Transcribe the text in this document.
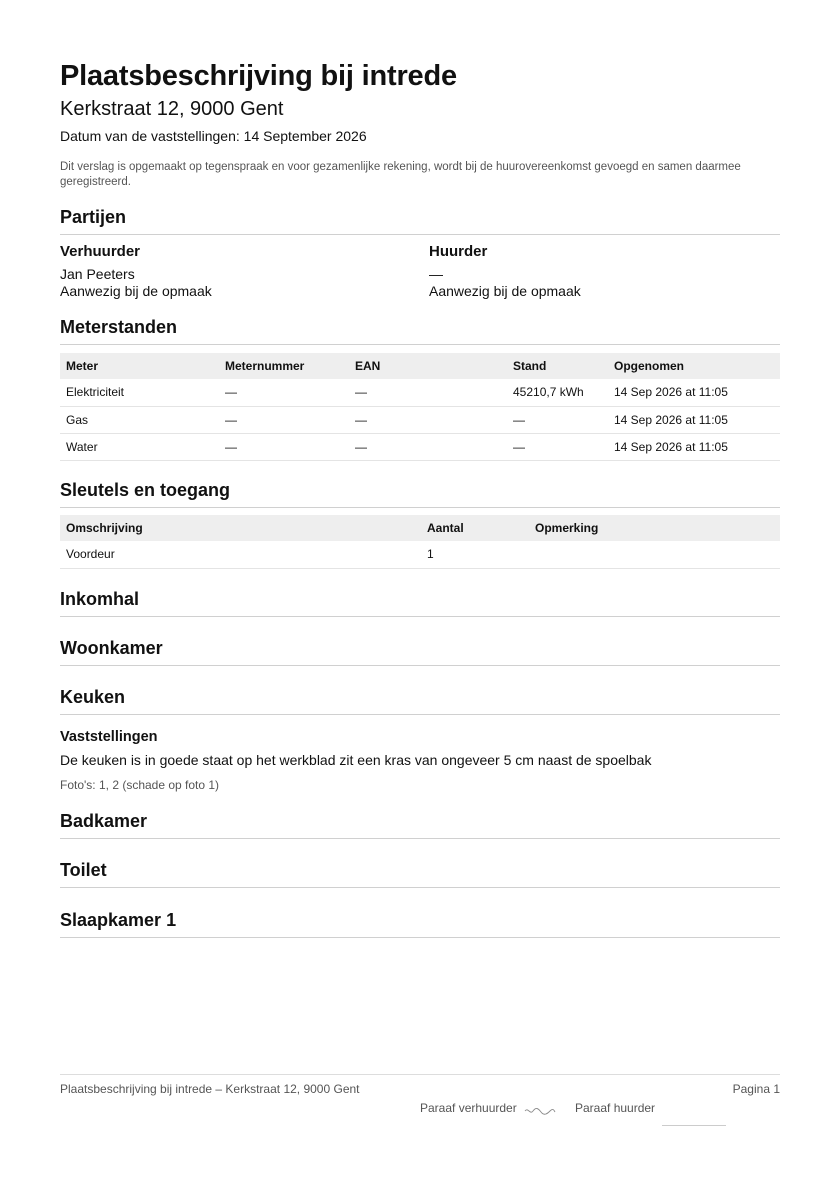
Plaatsbeschrijving bij intrede
Kerkstraat 12, 9000 Gent
Datum van de vaststellingen: 14 September 2026
Dit verslag is opgemaakt op tegenspraak en voor gezamenlijke rekening, wordt bij de huurovereenkomst gevoegd en samen daarmee geregistreerd.
Partijen
Verhuurder
Jan Peeters
Aanwezig bij de opmaak
Huurder
—
Aanwezig bij de opmaak
Meterstanden
Meter	Meternummer	EAN	Stand	Opgenomen
Elektriciteit	—	—	45210,7 kWh	14 Sep 2026 at 11:05
Gas	—	—	—	14 Sep 2026 at 11:05
Water	—	—	—	14 Sep 2026 at 11:05
Sleutels en toegang
Omschrijving	Aantal	Opmerking
Voordeur	1	
Inkomhal
Woonkamer
Keuken
Vaststellingen
De keuken is in goede staat op het werkblad zit een kras van ongeveer 5 cm naast de spoelbak
Foto's: 1, 2 (schade op foto 1)
Badkamer
Toilet
Slaapkamer 1
Plaatsbeschrijving bij intrede – Kerkstraat 12, 9000 Gent	Pagina 1
Paraaf verhuurder	Paraaf huurder
